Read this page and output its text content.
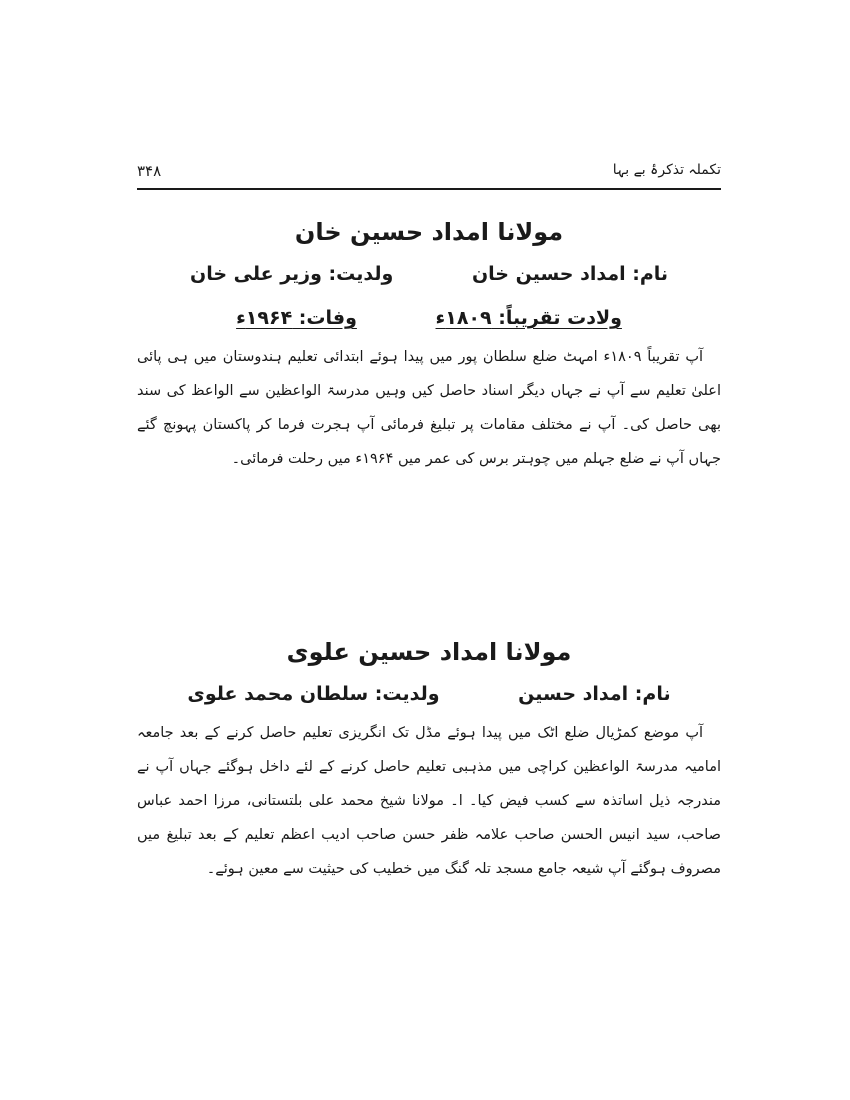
۳۴۸	تکملہ تذکرۂ بے بہا
مولانا امداد حسین خان
نام: امداد حسین خان ولدیت: وزیر علی خان
ولادت تقریباً: ۱۸۰۹ء وفات: ۱۹۶۴ء

آپ تقریباً ۱۸۰۹ء امہٹ ضلع سلطان پور میں پیدا ہوئے ابتدائی تعلیم ہندوستان میں ہی پائی اعلیٰ تعلیم سے آپ نے جہاں دیگر اسناد حاصل کیں وہیں مدرسۃ الواعظین سے الواعظ کی سند بھی حاصل کی۔ آپ نے مختلف مقامات پر تبلیغ فرمائی آپ ہجرت فرما کر پاکستان پہونچ گئے جہاں آپ نے ضلع جہلم میں چوہتر برس کی عمر میں ۱۹۶۴ء میں رحلت فرمائی۔

مولانا امداد حسین علوی
نام: امداد حسین ولدیت: سلطان محمد علوی

آپ موضع کمڑیال ضلع اٹک میں پیدا ہوئے مڈل تک انگریزی تعلیم حاصل کرنے کے بعد جامعہ امامیہ مدرسۃ الواعظین کراچی میں مذہبی تعلیم حاصل کرنے کے لئے داخل ہوگئے جہاں آپ نے مندرجہ ذیل اساتذہ سے کسب فیض کیا۔ ا۔ مولانا شیخ محمد علی بلتستانی، مرزا احمد عباس صاحب، سید انیس الحسن صاحب علامہ ظفر حسن صاحب ادیب اعظم تعلیم کے بعد تبلیغ میں مصروف ہوگئے آپ شیعہ جامع مسجد تلہ گنگ میں خطیب کی حیثیت سے معین ہوئے۔
